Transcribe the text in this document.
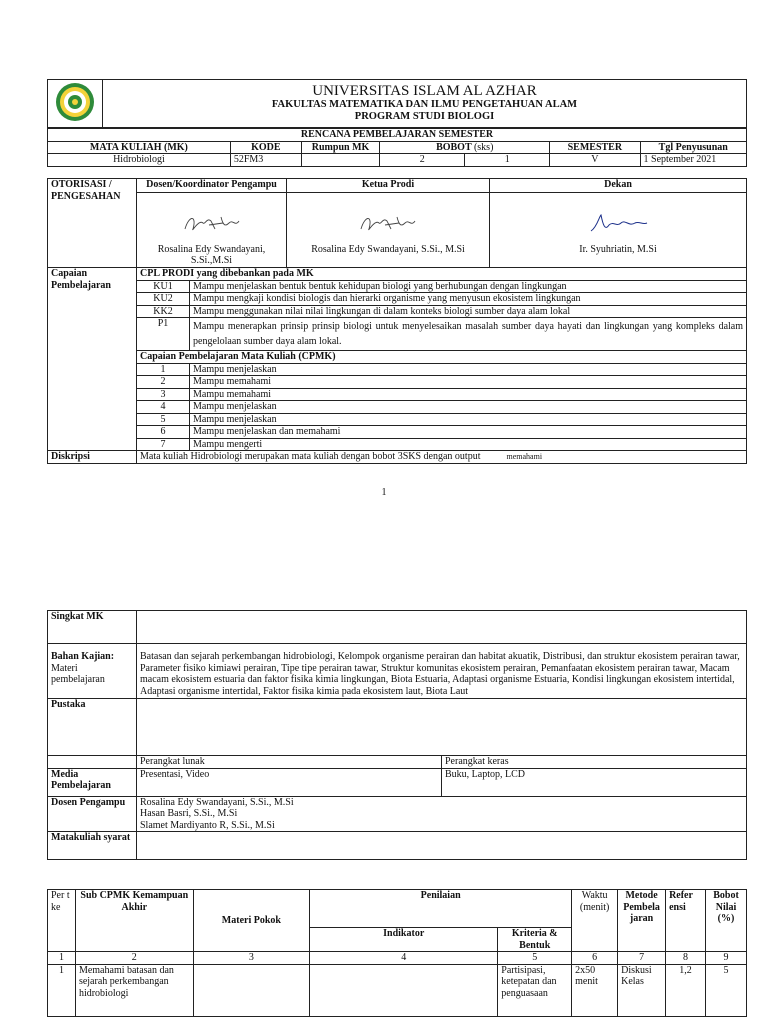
UNIVERSITAS ISLAM AL AZHAR
FAKULTAS MATEMATIKA DAN ILMU PENGETAHUAN ALAM
PROGRAM STUDI BIOLOGI
RENCANA PEMBELAJARAN SEMESTER						
MATA KULIAH (MK)	KODE	Rumpun MK	BOBOT (sks)		SEMESTER	Tgl Penyusunan
Hidrobiologi	52FM3		2	1	V	1 September 2021
OTORISASI / PENGESAHAN	Dosen/Koordinator Pengampu	Ketua Prodi	Dekan

	Rosalina Edy Swandayani, S.Si.,M.Si	Rosalina Edy Swandayani, S.Si., M.Si	Ir. Syuhriatin, M.Si
Capaian Pembelajaran	CPL PRODI yang dibebankan pada MK	
	KU1	Mampu menjelaskan bentuk bentuk kehidupan biologi yang berhubungan dengan lingkungan
	KU2	Mampu mengkaji kondisi biologis dan hierarki organisme yang menyusun ekosistem lingkungan
	KK2	Mampu menggunakan nilai nilai lingkungan di dalam konteks biologi sumber daya alam lokal
	P1	Mampu menerapkan prinsip prinsip biologi untuk menyelesaikan masalah sumber daya hayati dan lingkungan yang kompleks dalam pengelolaan sumber daya alam lokal.
	Capaian Pembelajaran Mata Kuliah (CPMK)	
	1	Mampu menjelaskan
	2	Mampu memahami
	3	Mampu memahami
	4	Mampu menjelaskan
	5	Mampu menjelaskan
	6	Mampu menjelaskan dan memahami
	7	Mampu mengerti
Diskripsi	Mata kuliah Hidrobiologi merupakan mata kuliah dengan bobot 3SKS dengan output memahami	
1
Singkat MK		

Bahan Kajian:
Materi pembelajaran	Batasan dan sejarah perkembangan hidrobiologi, Kelompok organisme perairan dan habitat akuatik, Distribusi, dan struktur ekosistem perairan tawar, Parameter fisiko kimiawi perairan, Tipe tipe perairan tawar, Struktur komunitas ekosistem perairan, Pemanfaatan ekosistem perairan tawar, Macam macam ekosistem estuaria dan faktor fisika kimia lingkungan, Biota Estuaria, Adaptasi organisme Estuaria, Kondisi lingkungan ekosistem intertidal, Adaptasi organisme intertidal, Faktor fisika kimia pada ekosistem laut, Biota Laut	
Pustaka		
	Perangkat lunak	Perangkat keras
Media Pembelajaran	Presentasi, Video	Buku, Laptop, LCD
Dosen Pengampu	Rosalina Edy Swandayani, S.Si., M.Si
Hasan Basri, S.Si., M.Si
Slamet Mardiyanto R, S.Si., M.Si	

Matakuliah syarat		
Per t ke	Sub CPMK Kemampuan Akhir	Materi Pokok	Penilaian		Waktu (menit)	Metode Pembela jaran	Refer ensi	Bobot Nilai (%)
			Indikator	Kriteria & Bentuk				
1	2	3	4	5	6	7	8	9
1	Memahami batasan dan sejarah perkembangan hidrobiologi			Partisipasi, ketepatan dan penguasaan	2x50 menit	Diskusi Kelas	1,2	5
